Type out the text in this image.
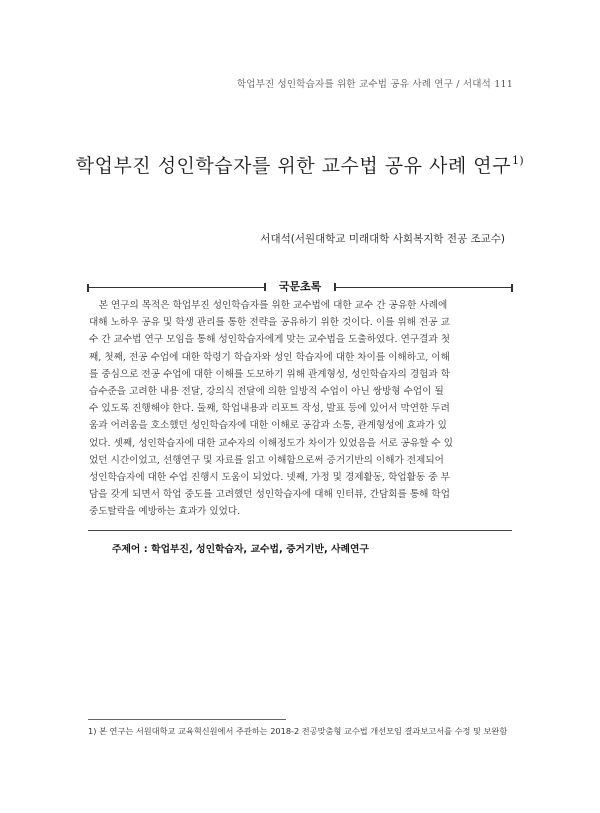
학업부진 성인학습자를 위한 교수법 공유 사례 연구 / 서대석 111
학업부진 성인학습자를 위한 교수법 공유 사례 연구$^{1)}$
서대석(서원대학교 미래대학 사회복지학 전공 조교수)
국문초록
　본 연구의 목적은 학업부진 성인학습자를 위한 교수법에 대한 교수 간 공유한 사례에
대해 노하우 공유 및 학생 관리를 통한 전략을 공유하기 위한 것이다. 이를 위해 전공 교
수 간 교수법 연구 모임을 통해 성인학습자에게 맞는 교수법을 도출하였다. 연구결과 첫
째, 첫째, 전공 수업에 대한 학령기 학습자와 성인 학습자에 대한 차이를 이해하고, 이해
를 중심으로 전공 수업에 대한 이해를 도모하기 위해 관계형성, 성인학습자의 경험과 학
습수준을 고려한 내용 전달, 강의식 전달에 의한 일방적 수업이 아닌 쌍방형 수업이 될
수 있도록 진행해야 한다. 둘째, 학업내용과 리포트 작성, 발표 등에 있어서 막연한 두려
움과 어려움을 호소했던 성인학습자에 대한 이해로 공감과 소통, 관계형성에 효과가 있
었다. 셋째, 성인학습자에 대한 교수자의 이해정도가 차이가 있었음을 서로 공유할 수 있
었던 시간이었고, 선행연구 및 자료를 읽고 이해함으로써 증거기반의 이해가 전제되어
성인학습자에 대한 수업 진행시 도움이 되었다. 넷째, 가정 및 경제활동, 학업활동 중 부
담을 갖게 되면서 학업 중도를 고려했던 성인학습자에 대해 인터뷰, 간담회를 통해 학업
중도탈락을 예방하는 효과가 있었다.
주제어 : 학업부진, 성인학습자, 교수법, 증거기반, 사례연구
1) 본 연구는 서원대학교 교육혁신원에서 주관하는 2018-2 전공맞춤형 교수법 개선모임 결과보고서를 수정 및 보완함
